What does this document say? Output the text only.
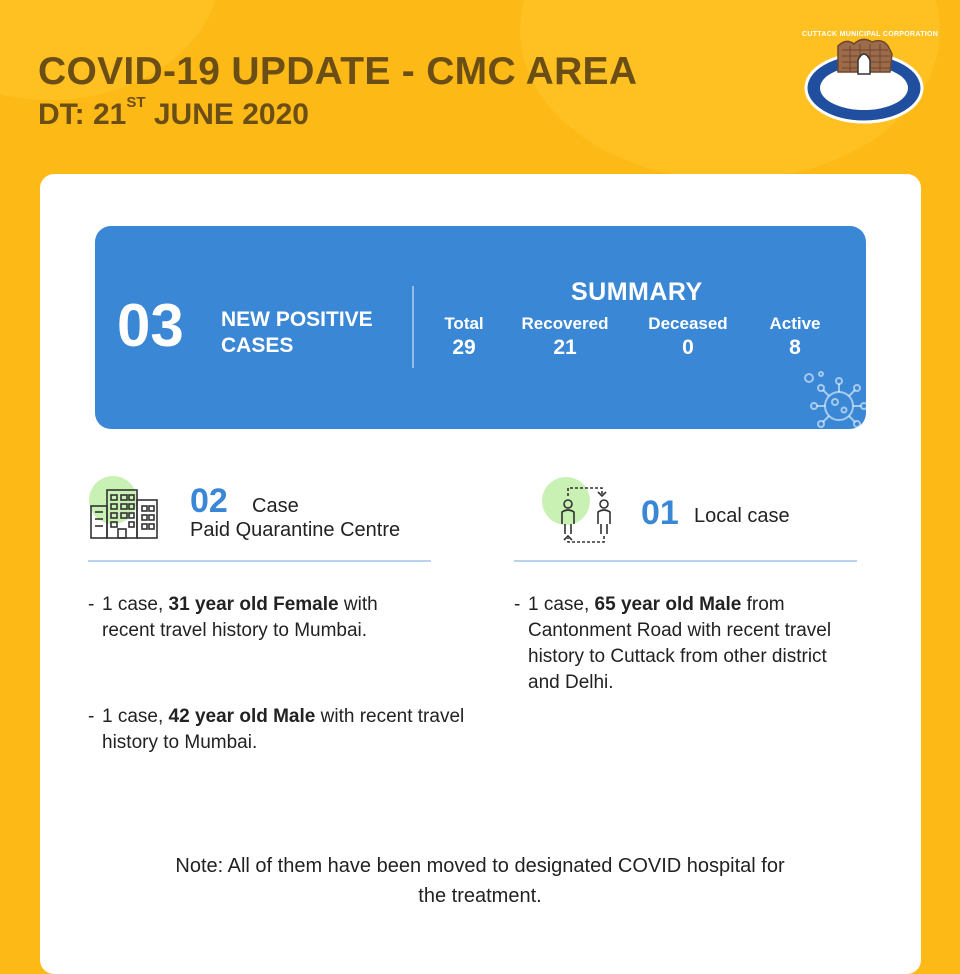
COVID-19 UPDATE - CMC AREA
DT: 21ST JUNE 2020
CUTTACK MUNICIPAL CORPORATION
03 NEW POSITIVE CASES
SUMMARY
Total
29
Recovered
21
Deceased
0
Active
8
02 Case
Paid Quarantine Centre
- 1 case, 31 year old Female with recent travel history to Mumbai.
- 1 case, 42 year old Male with recent travel history to Mumbai.
01 Local case
- 1 case, 65 year old Male from Cantonment Road with recent travel history to Cuttack from other district and Delhi.
Note: All of them have been moved to designated COVID hospital for the treatment.
